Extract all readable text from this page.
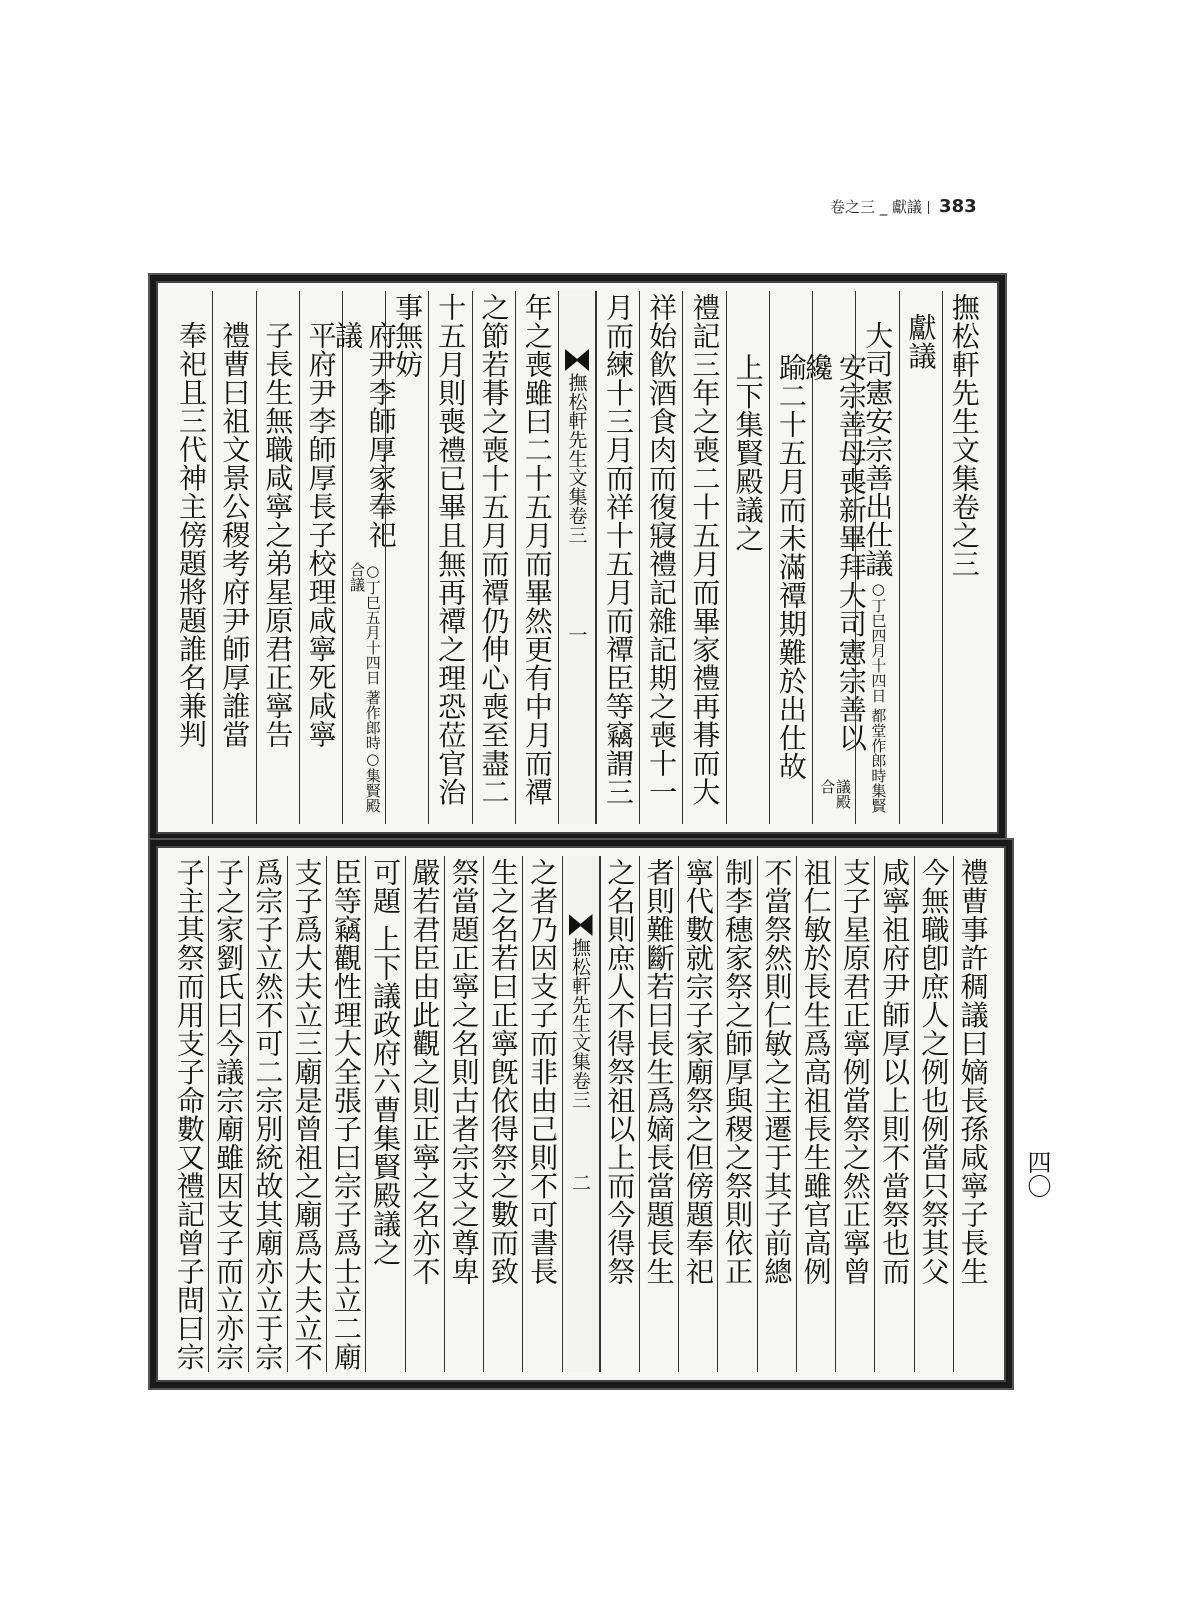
卷之三 _ 獻議 383
撫松軒先生文集卷之三
獻議
大司憲安宗善出仕議
○丁巳四月十四日 都堂作郎時集賢
安宗善母喪新畢拜大司憲宗善以纔
議殿合
踰二十五月而未滿禫期難於出仕故
上下集賢殿議之
禮記三年之喪二十五月而畢家禮再朞而大
祥始飮酒食肉而復寢禮記雜記期之喪十一
月而練十三月而祥十五月而禫臣等竊謂三
撫松軒先生文集卷三
一
年之喪雖曰二十五月而畢然更有中月而禫
之節若朞之喪十五月而禫仍伸心喪至盡二
十五月則喪禮已畢且無再禫之理恐莅官治
事無妨
府尹李師厚家奉祀議
○丁巳五月十四日 著作郎時○集賢殿合議
平府尹李師厚長子校理咸寧死咸寧
子長生無職咸寧之弟星原君正寧告
禮曹曰祖文景公稷考府尹師厚誰當
奉祀且三代神主傍題將題誰名兼判
禮曹事許稠議曰嫡長孫咸寧子長生
今無職卽庶人之例也例當只祭其父
咸寧祖府尹師厚以上則不當祭也而
支子星原君正寧例當祭之然正寧曾
祖仁敏於長生爲高祖長生雖官高例
不當祭然則仁敏之主遷于其子前總
制李穗家祭之師厚與稷之祭則依正
寧代數就宗子家廟祭之但傍題奉祀
者則難斷若曰長生爲嫡長當題長生
之名則庶人不得祭祖以上而今得祭
撫松軒先生文集卷三
二
之者乃因支子而非由己則不可書長
生之名若曰正寧旣依得祭之數而致
祭當題正寧之名則古者宗支之尊卑
嚴若君臣由此觀之則正寧之名亦不
可題 上下議政府六曹集賢殿議之
臣等竊觀性理大全張子曰宗子爲士立二廟
支子爲大夫立三廟是曾祖之廟爲大夫立不
爲宗子立然不可二宗別統故其廟亦立于宗
子之家劉氏曰今議宗廟雖因支子而立亦宗
子主其祭而用支子命數又禮記曾子問曰宗	四〇
